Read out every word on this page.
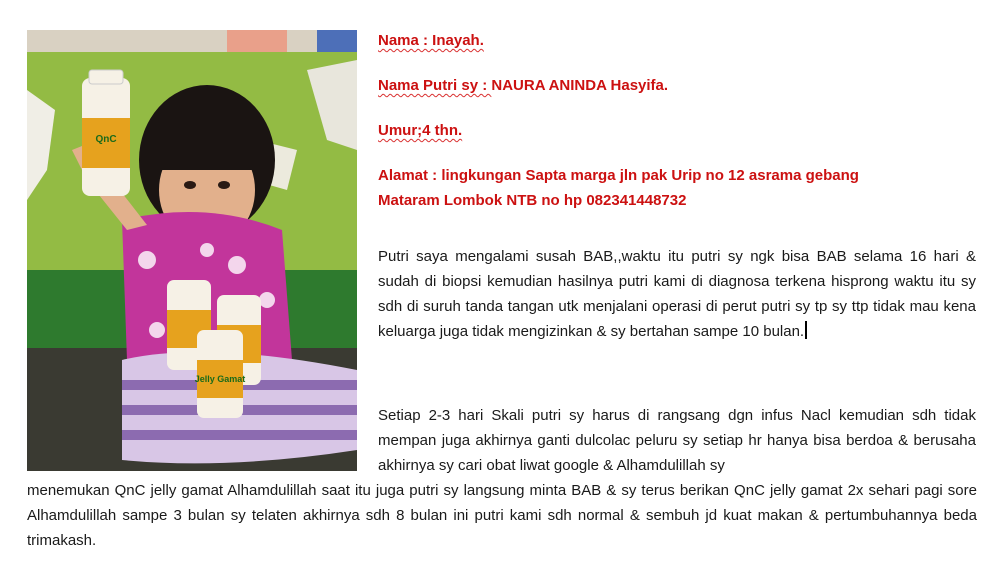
QnC
Jelly Gamat

Nama : Inayah.

Nama Putri sy : NAURA ANINDA Hasyifa.

Umur;4 thn.

Alamat : lingkungan Sapta marga jln pak Urip no 12 asrama gebang
Mataram Lombok NTB no hp 082341448732

Putri saya mengalami susah BAB,,waktu itu putri sy ngk bisa BAB selama 16 hari & sudah di biopsi kemudian hasilnya putri kami di diagnosa terkena hisprong waktu itu sy sdh di suruh tanda tangan utk menjalani operasi di perut putri sy tp sy ttp tidak mau kena keluarga juga tidak mengizinkan & sy bertahan sampe 10 bulan.

Setiap 2-3 hari Skali putri sy harus di rangsang dgn infus Nacl kemudian sdh tidak mempan juga akhirnya ganti dulcolac peluru sy setiap hr hanya bisa berdoa & berusaha akhirnya sy cari obat liwat google & Alhamdulillah sy

menemukan QnC jelly gamat Alhamdulillah saat itu juga putri sy langsung minta BAB & sy terus berikan QnC jelly gamat 2x sehari pagi sore Alhamdulillah sampe 3 bulan sy telaten akhirnya sdh 8 bulan ini putri kami sdh normal & sembuh jd kuat makan & pertumbuhannya beda trimakash.
